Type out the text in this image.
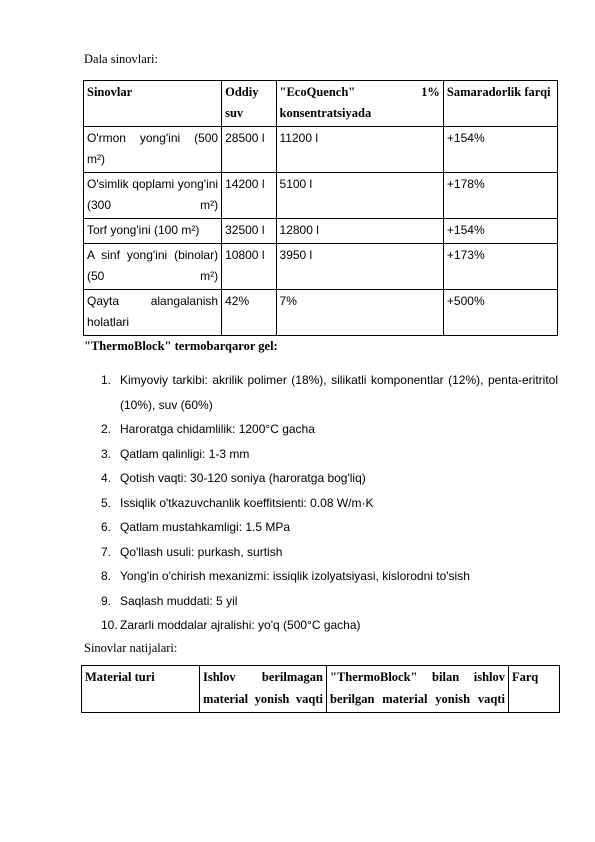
Dala sinovlari:
Sinovlar	Oddiy suv	"EcoQuench" 1% konsentratsiyada	Samaradorlik farqi
O'rmon yong'ini (500 m²)	28500 l	11200 l	+154%
O'simlik qoplami yong'ini (300 m²)	14200 l	5100 l	+178%
Torf yong'ini (100 m²)	32500 l	12800 l	+154%
A sinf yong'ini (binolar) (50 m²)	10800 l	3950 l	+173%
Qayta alangalanish holatlari	42%	7%	+500%
"ThermoBlock" termobarqaror gel:
1. Kimyoviy tarkibi: akrilik polimer (18%), silikatli komponentlar (12%), penta-eritritol (10%), suv (60%)
2. Haroratga chidamlilik: 1200°C gacha
3. Qatlam qalinligi: 1-3 mm
4. Qotish vaqti: 30-120 soniya (haroratga bog'liq)
5. Issiqlik o'tkazuvchanlik koeffitsienti: 0.08 W/m·K
6. Qatlam mustahkamligi: 1.5 MPa
7. Qo'llash usuli: purkash, surtish
8. Yong'in o'chirish mexanizmi: issiqlik izolyatsiyasi, kislorodni to'sish
9. Saqlash muddati: 5 yil
10. Zararli moddalar ajralishi: yo'q (500°C gacha)
Sinovlar natijalari:
Material turi	Ishlov berilmagan material yonish vaqti	"ThermoBlock" bilan ishlov berilgan material yonish vaqti	Farq
